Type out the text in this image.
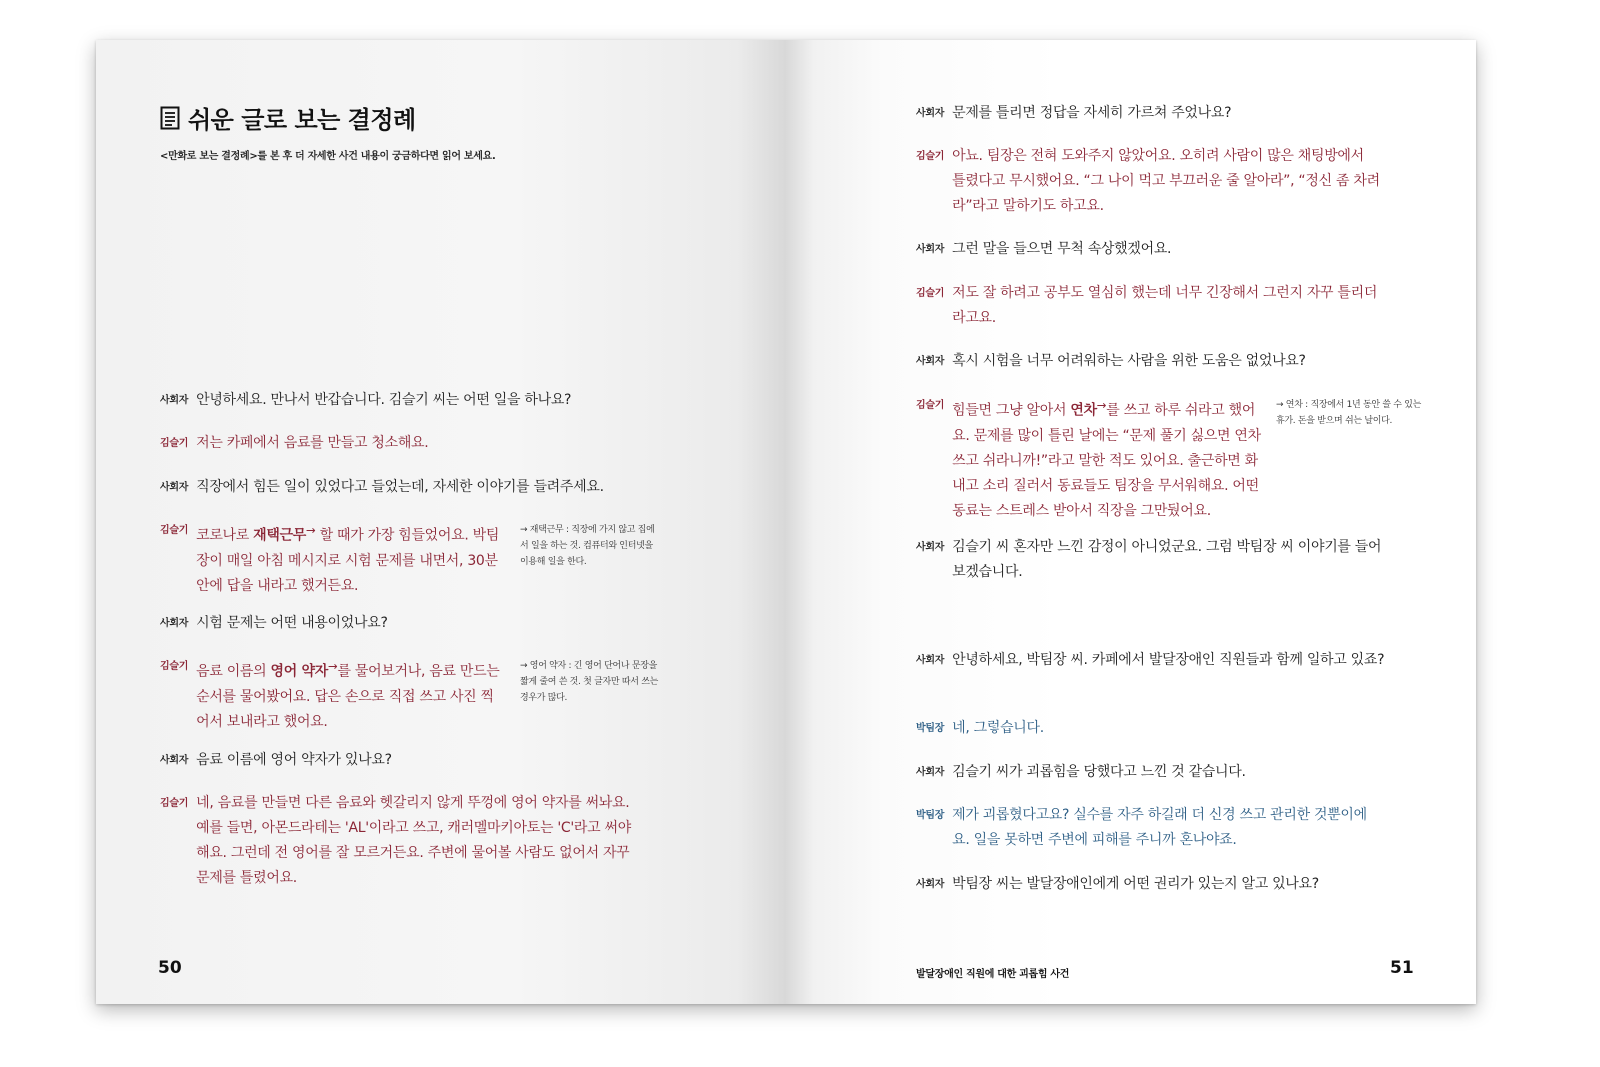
쉬운 글로 보는 결정례
<만화로 보는 결정례>를 본 후 더 자세한 사건 내용이 궁금하다면 읽어 보세요.
사회자 안녕하세요. 만나서 반갑습니다. 김슬기 씨는 어떤 일을 하나요?
김슬기 저는 카페에서 음료를 만들고 청소해요.
사회자 직장에서 힘든 일이 있었다고 들었는데, 자세한 이야기를 들려주세요.
김슬기 코로나로 재택근무→ 할 때가 가장 힘들었어요. 박팀장이 매일 아침 메시지로 시험 문제를 내면서, 30분 안에 답을 내라고 했거든요.
→ 재택근무 : 직장에 가지 않고 집에서 일을 하는 것. 컴퓨터와 인터넷을 이용해 일을 한다.
사회자 시험 문제는 어떤 내용이었나요?
김슬기 음료 이름의 영어 약자→를 물어보거나, 음료 만드는 순서를 물어봤어요. 답은 손으로 직접 쓰고 사진 찍어서 보내라고 했어요.
→ 영어 약자 : 긴 영어 단어나 문장을 짧게 줄여 쓴 것. 첫 글자만 따서 쓰는 경우가 많다.
사회자 음료 이름에 영어 약자가 있나요?
김슬기 네, 음료를 만들면 다른 음료와 헷갈리지 않게 뚜껑에 영어 약자를 써놔요. 예를 들면, 아몬드라테는 'AL'이라고 쓰고, 캐러멜마키아토는 'C'라고 써야 해요. 그런데 전 영어를 잘 모르거든요. 주변에 물어볼 사람도 없어서 자꾸 문제를 틀렸어요.
50
사회자 문제를 틀리면 정답을 자세히 가르쳐 주었나요?
김슬기 아뇨. 팀장은 전혀 도와주지 않았어요. 오히려 사람이 많은 채팅방에서 틀렸다고 무시했어요. “그 나이 먹고 부끄러운 줄 알아라”, “정신 좀 차려라”라고 말하기도 하고요.
사회자 그런 말을 들으면 무척 속상했겠어요.
김슬기 저도 잘 하려고 공부도 열심히 했는데 너무 긴장해서 그런지 자꾸 틀리더라고요.
사회자 혹시 시험을 너무 어려워하는 사람을 위한 도움은 없었나요?
김슬기 힘들면 그냥 알아서 연차→를 쓰고 하루 쉬라고 했어요. 문제를 많이 틀린 날에는 “문제 풀기 싫으면 연차 쓰고 쉬라니까!”라고 말한 적도 있어요. 출근하면 화내고 소리 질러서 동료들도 팀장을 무서워해요. 어떤 동료는 스트레스 받아서 직장을 그만뒀어요.
→ 연차 : 직장에서 1년 동안 쓸 수 있는 휴가. 돈을 받으며 쉬는 날이다.
사회자 김슬기 씨 혼자만 느낀 감정이 아니었군요. 그럼 박팀장 씨 이야기를 들어 보겠습니다.
사회자 안녕하세요, 박팀장 씨. 카페에서 발달장애인 직원들과 함께 일하고 있죠?
박팀장 네, 그렇습니다.
사회자 김슬기 씨가 괴롭힘을 당했다고 느낀 것 같습니다.
박팀장 제가 괴롭혔다고요? 실수를 자주 하길래 더 신경 쓰고 관리한 것뿐이에요. 일을 못하면 주변에 피해를 주니까 혼나야죠.
사회자 박팀장 씨는 발달장애인에게 어떤 권리가 있는지 알고 있나요?
발달장애인 직원에 대한 괴롭힘 사건	51
